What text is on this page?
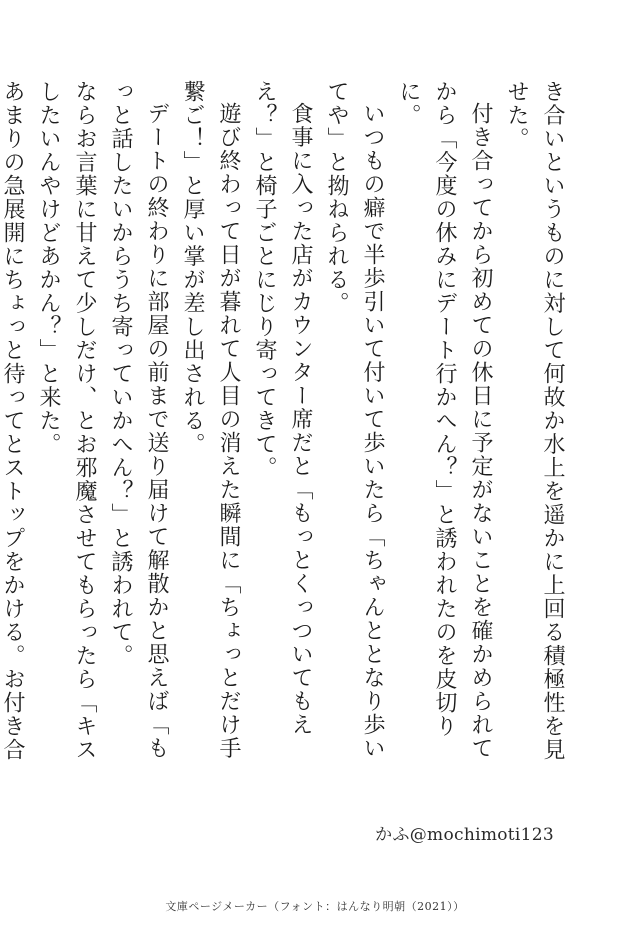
き合いというものに対して何故か水上を遥かに上回る積極性を見せた。

付き合ってから初めての休日に予定がないことを確かめられてから「今度の休みにデート行かへん？」と誘われたのを皮切りに。

いつもの癖で半歩引いて付いて歩いたら「ちゃんととなり歩いてや」と拗ねられる。

食事に入った店がカウンター席だと「もっとくっついてもええ？」と椅子ごとにじり寄ってきて。

遊び終わって日が暮れて人目の消えた瞬間に「ちょっとだけ手繋ご！」と厚い掌が差し出される。

デートの終わりに部屋の前まで送り届けて解散かと思えば「もっと話したいからうち寄っていかへん？」と誘われて。

ならお言葉に甘えて少しだけ、とお邪魔させてもらったら「キスしたいんやけどあかん？」と来た。

あまりの急展開にちょっと待ってとストップをかける。お付き合

かふ@mochimoti123
文庫ページメーカー（フォント：はんなり明朝（2021））
